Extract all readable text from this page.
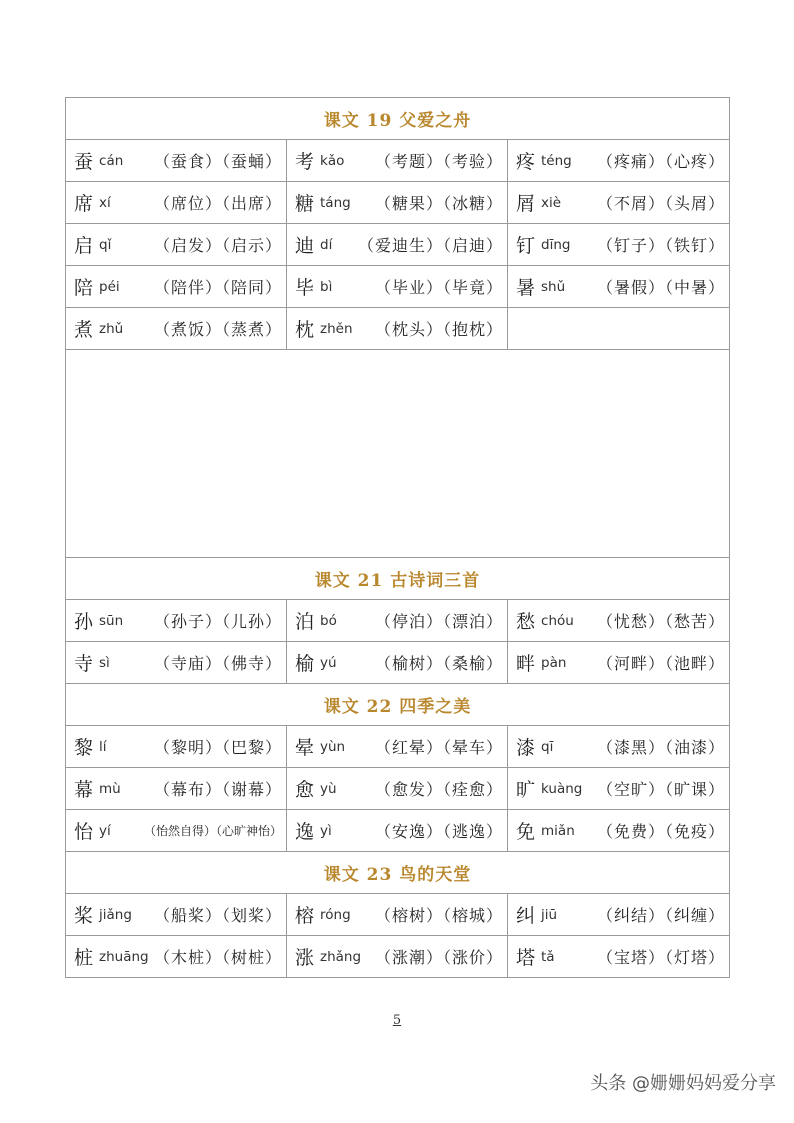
课文 19 父爱之舟		

蚕 cán （蚕食）（蚕蛹）	考 kǎo （考题）（考验）	疼 téng （疼痛）（心疼）

席 xí （席位）（出席）	糖 táng （糖果）（冰糖）	屑 xiè （不屑）（头屑）

启 qǐ （启发）（启示）	迪 dí （爱迪生）（启迪）	钉 dīng （钉子）（铁钉）

陪 péi （陪伴）（陪同）	毕 bì （毕业）（毕竟）	暑 shǔ （暑假）（中暑）

煮 zhǔ （煮饭）（蒸煮）	枕 zhěn （枕头）（抱枕）	

课文 21 古诗词三首		

孙 sūn （孙子）（儿孙）	泊 bó （停泊）（漂泊）	愁 chóu （忧愁）（愁苦）

寺 sì （寺庙）（佛寺）	榆 yú （榆树）（桑榆）	畔 pàn （河畔）（池畔）

课文 22 四季之美		

黎 lí （黎明）（巴黎）	晕 yùn （红晕）（晕车）	漆 qī （漆黑）（油漆）

幕 mù （幕布）（谢幕）	愈 yù （愈发）（痊愈）	旷 kuàng （空旷）（旷课）

怡 yí （怡然自得）（心旷神怡）	逸 yì （安逸）（逃逸）	免 miǎn （免费）（免疫）

课文 23 鸟的天堂		

桨 jiǎng （船桨）（划桨）	榕 róng （榕树）（榕城）	纠 jiū （纠结）（纠缠）

桩 zhuāng （木桩）（树桩）	涨 zhǎng （涨潮）（涨价）	塔 tǎ （宝塔）（灯塔）
5
头条 @姗姗妈妈爱分享
